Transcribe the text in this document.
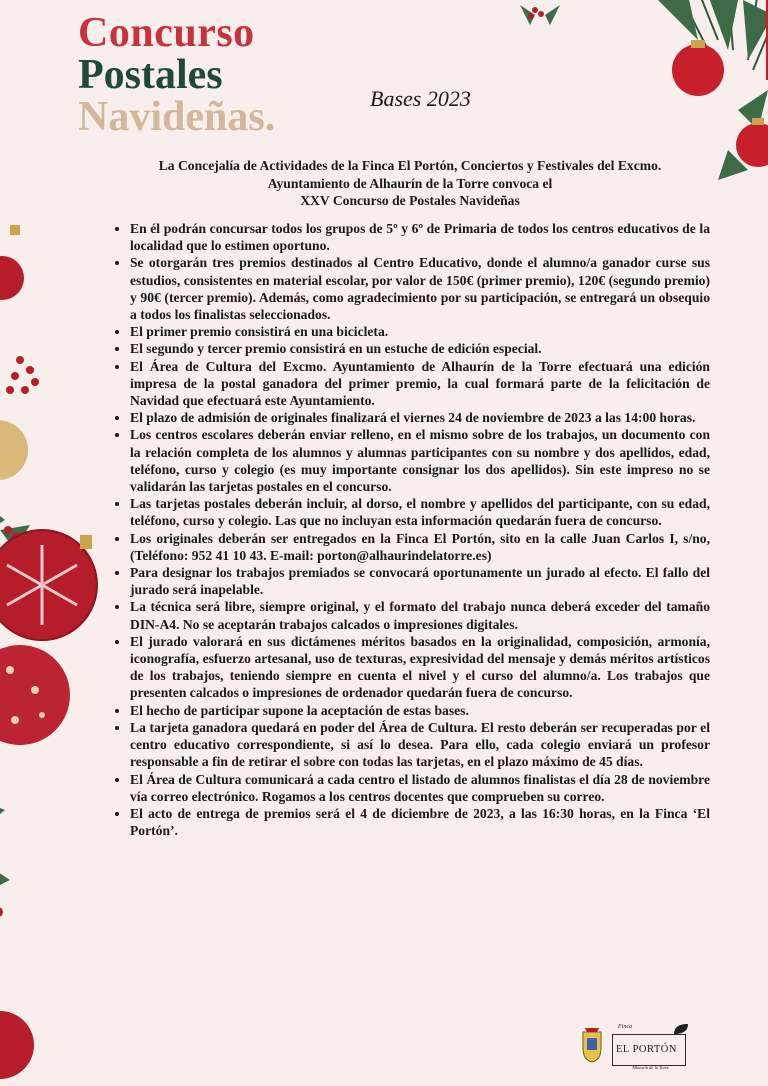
Concurso
Postales
Navideñas.	Bases 2023
La Concejalía de Actividades de la Finca El Portón, Conciertos y Festivales del Excmo.
Ayuntamiento de Alhaurín de la Torre convoca el
XXV Concurso de Postales Navideñas
• En él podrán concursar todos los grupos de 5º y 6º de Primaria de todos los centros educativos de la localidad que lo estimen oportuno.
• Se otorgarán tres premios destinados al Centro Educativo, donde el alumno/a ganador curse sus estudios, consistentes en material escolar, por valor de 150€ (primer premio), 120€ (segundo premio) y 90€ (tercer premio). Además, como agradecimiento por su participación, se entregará un obsequio a todos los finalistas seleccionados.
• El primer premio consistirá en una bicicleta.
• El segundo y tercer premio consistirá en un estuche de edición especial.
• El Área de Cultura del Excmo. Ayuntamiento de Alhaurín de la Torre efectuará una edición impresa de la postal ganadora del primer premio, la cual formará parte de la felicitación de Navidad que efectuará este Ayuntamiento.
• El plazo de admisión de originales finalizará el viernes 24 de noviembre de 2023 a las 14:00 horas.
• Los centros escolares deberán enviar relleno, en el mismo sobre de los trabajos, un documento con la relación completa de los alumnos y alumnas participantes con su nombre y dos apellidos, edad, teléfono, curso y colegio (es muy importante consignar los dos apellidos). Sin este impreso no se validarán las tarjetas postales en el concurso.
• Las tarjetas postales deberán incluir, al dorso, el nombre y apellidos del participante, con su edad, teléfono, curso y colegio. Las que no incluyan esta información quedarán fuera de concurso.
• Los originales deberán ser entregados en la Finca El Portón, sito en la calle Juan Carlos I, s/no, (Teléfono: 952 41 10 43. E-mail: porton@alhaurindelatorre.es)
• Para designar los trabajos premiados se convocará oportunamente un jurado al efecto. El fallo del jurado será inapelable.
• La técnica será libre, siempre original, y el formato del trabajo nunca deberá exceder del tamaño DIN-A4. No se aceptarán trabajos calcados o impresiones digitales.
• El jurado valorará en sus dictámenes méritos basados en la originalidad, composición, armonía, iconografía, esfuerzo artesanal, uso de texturas, expresividad del mensaje y demás méritos artísticos de los trabajos, teniendo siempre en cuenta el nivel y el curso del alumno/a. Los trabajos que presenten calcados o impresiones de ordenador quedarán fuera de concurso.
• El hecho de participar supone la aceptación de estas bases.
• La tarjeta ganadora quedará en poder del Área de Cultura. El resto deberán ser recuperadas por el centro educativo correspondiente, si así lo desea. Para ello, cada colegio enviará un profesor responsable a fin de retirar el sobre con todas las tarjetas, en el plazo máximo de 45 días.
• El Área de Cultura comunicará a cada centro el listado de alumnos finalistas el día 28 de noviembre vía correo electrónico. Rogamos a los centros docentes que comprueben su correo.
• El acto de entrega de premios será el 4 de diciembre de 2023, a las 16:30 horas, en la Finca ‘El Portón’.
Finca
EL PORTÓN
Alhaurín de la Torre
